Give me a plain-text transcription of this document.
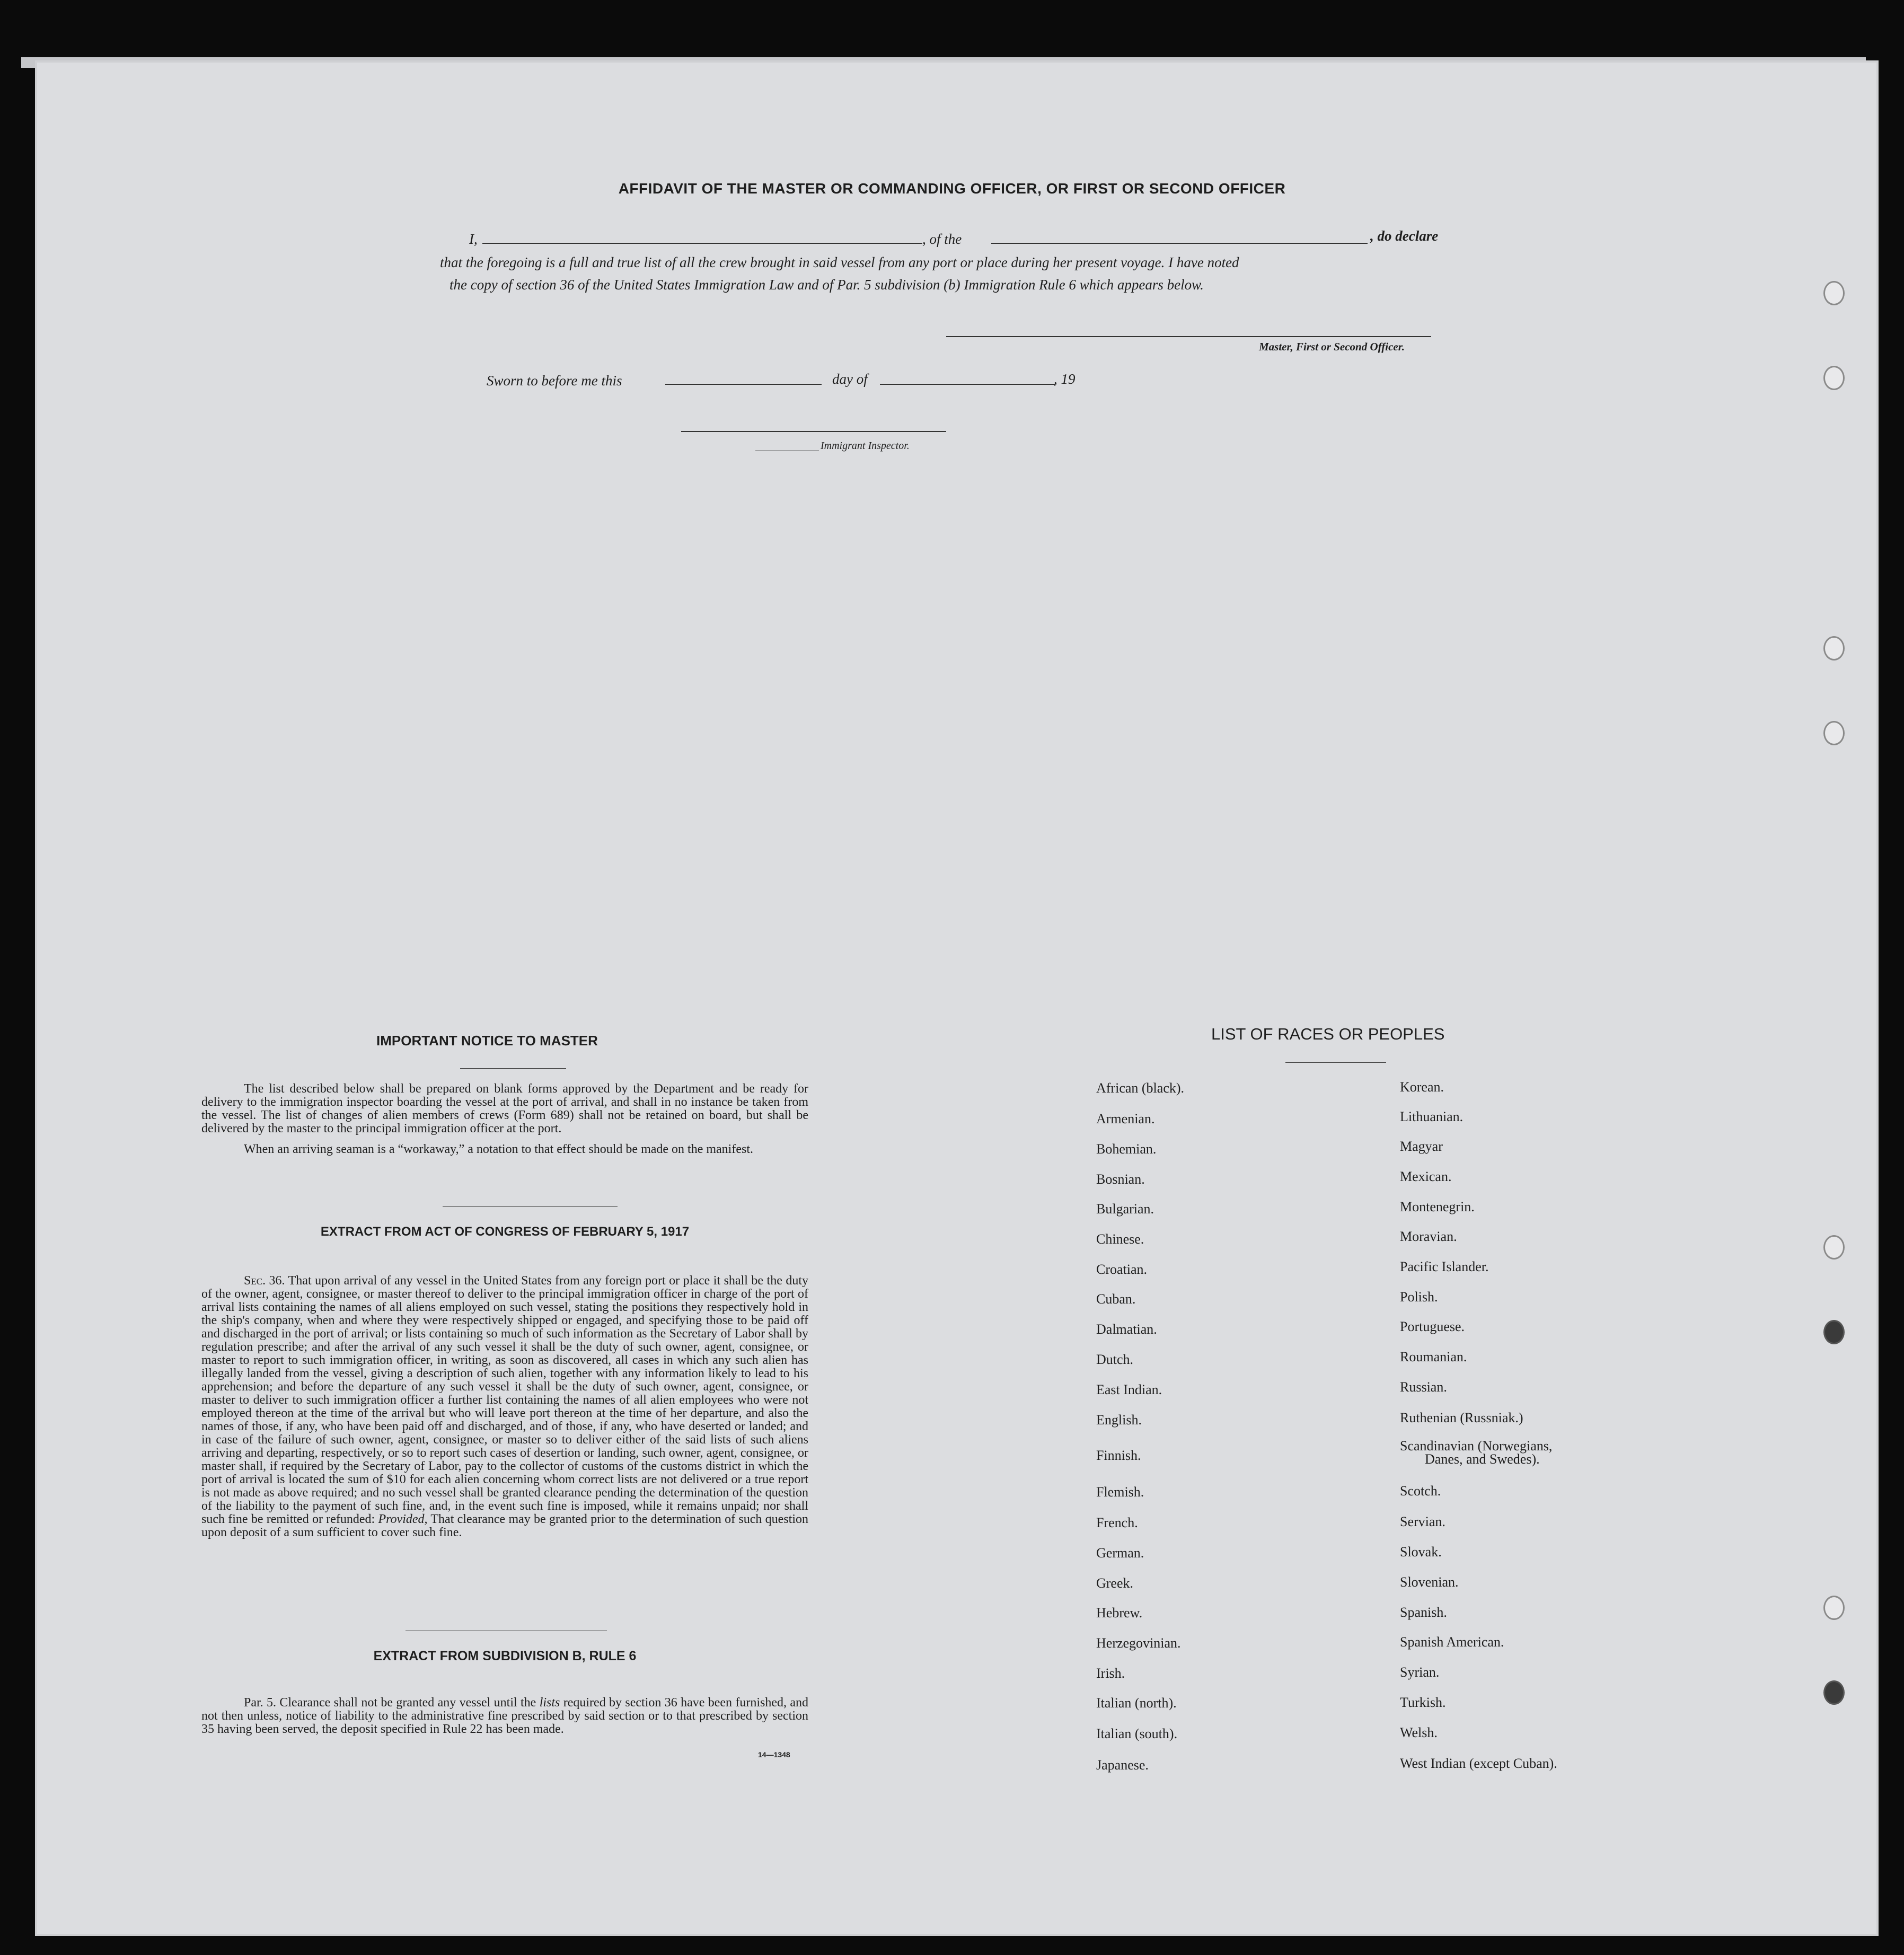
AFFIDAVIT OF THE MASTER OR COMMANDING OFFICER, OR FIRST OR SECOND OFFICER
I,	, of the	, do declare
that the foregoing is a full and true list of all the crew brought in said vessel from any port or place during her present voyage. I have noted
the copy of section 36 of the United States Immigration Law and of Par. 5 subdivision (b) Immigration Rule 6 which appears below.
Master, First or Second Officer.
Sworn to before me this	day of	, 19
Immigrant Inspector.
IMPORTANT NOTICE TO MASTER

The list described below shall be prepared on blank forms approved by the Department and be ready for delivery to the immigration inspector boarding the vessel at the port of arrival, and shall in no instance be taken from the vessel. The list of changes of alien members of crews (Form 689) shall not be retained on board, but shall be delivered by the master to the principal immigration officer at the port.

When an arriving seaman is a “workaway,” a notation to that effect should be made on the manifest.

EXTRACT FROM ACT OF CONGRESS OF FEBRUARY 5, 1917

Sec. 36. That upon arrival of any vessel in the United States from any foreign port or place it shall be the duty of the owner, agent, consignee, or master thereof to deliver to the principal immigration officer in charge of the port of arrival lists containing the names of all aliens employed on such vessel, stating the positions they respectively hold in the ship's company, when and where they were respectively shipped or engaged, and specifying those to be paid off and discharged in the port of arrival; or lists containing so much of such information as the Secretary of Labor shall by regulation prescribe; and after the arrival of any such vessel it shall be the duty of such owner, agent, consignee, or master to report to such immigration officer, in writing, as soon as discovered, all cases in which any such alien has illegally landed from the vessel, giving a description of such alien, together with any information likely to lead to his apprehension; and before the departure of any such vessel it shall be the duty of such owner, agent, consignee, or master to deliver to such immigration officer a further list containing the names of all alien employees who were not employed thereon at the time of the arrival but who will leave port thereon at the time of her departure, and also the names of those, if any, who have been paid off and discharged, and of those, if any, who have deserted or landed; and in case of the failure of such owner, agent, consignee, or master so to deliver either of the said lists of such aliens arriving and departing, respectively, or so to report such cases of desertion or landing, such owner, agent, consignee, or master shall, if required by the Secretary of Labor, pay to the collector of customs of the customs district in which the port of arrival is located the sum of $10 for each alien concerning whom correct lists are not delivered or a true report is not made as above required; and no such vessel shall be granted clearance pending the determination of the question of the liability to the payment of such fine, and, in the event such fine is imposed, while it remains unpaid; nor shall such fine be remitted or refunded: Provided, That clearance may be granted prior to the determination of such question upon deposit of a sum sufficient to cover such fine.

EXTRACT FROM SUBDIVISION B, RULE 6

Par. 5. Clearance shall not be granted any vessel until the lists required by section 36 have been furnished, and not then unless, notice of liability to the administrative fine prescribed by said section or to that prescribed by section 35 having been served, the deposit specified in Rule 22 has been made.

14—1348
LIST OF RACES OR PEOPLES
African (black).
Armenian.
Bohemian.
Bosnian.
Bulgarian.
Chinese.
Croatian.
Cuban.
Dalmatian.
Dutch.
East Indian.
English.
Finnish.
Flemish.
French.
German.
Greek.
Hebrew.
Herzegovinian.
Irish.
Italian (north).
Italian (south).
Japanese.
Korean.
Lithuanian.
Magyar
Mexican.
Montenegrin.
Moravian.
Pacific Islander.
Polish.
Portuguese.
Roumanian.
Russian.
Ruthenian (Russniak.)
Scandinavian (Norwegians,
Scotch.
Servian.
Slovak.
Slovenian.
Spanish.
Spanish American.
Syrian.
Turkish.
Welsh.
West Indian (except Cuban).
Danes, and Swedes).
